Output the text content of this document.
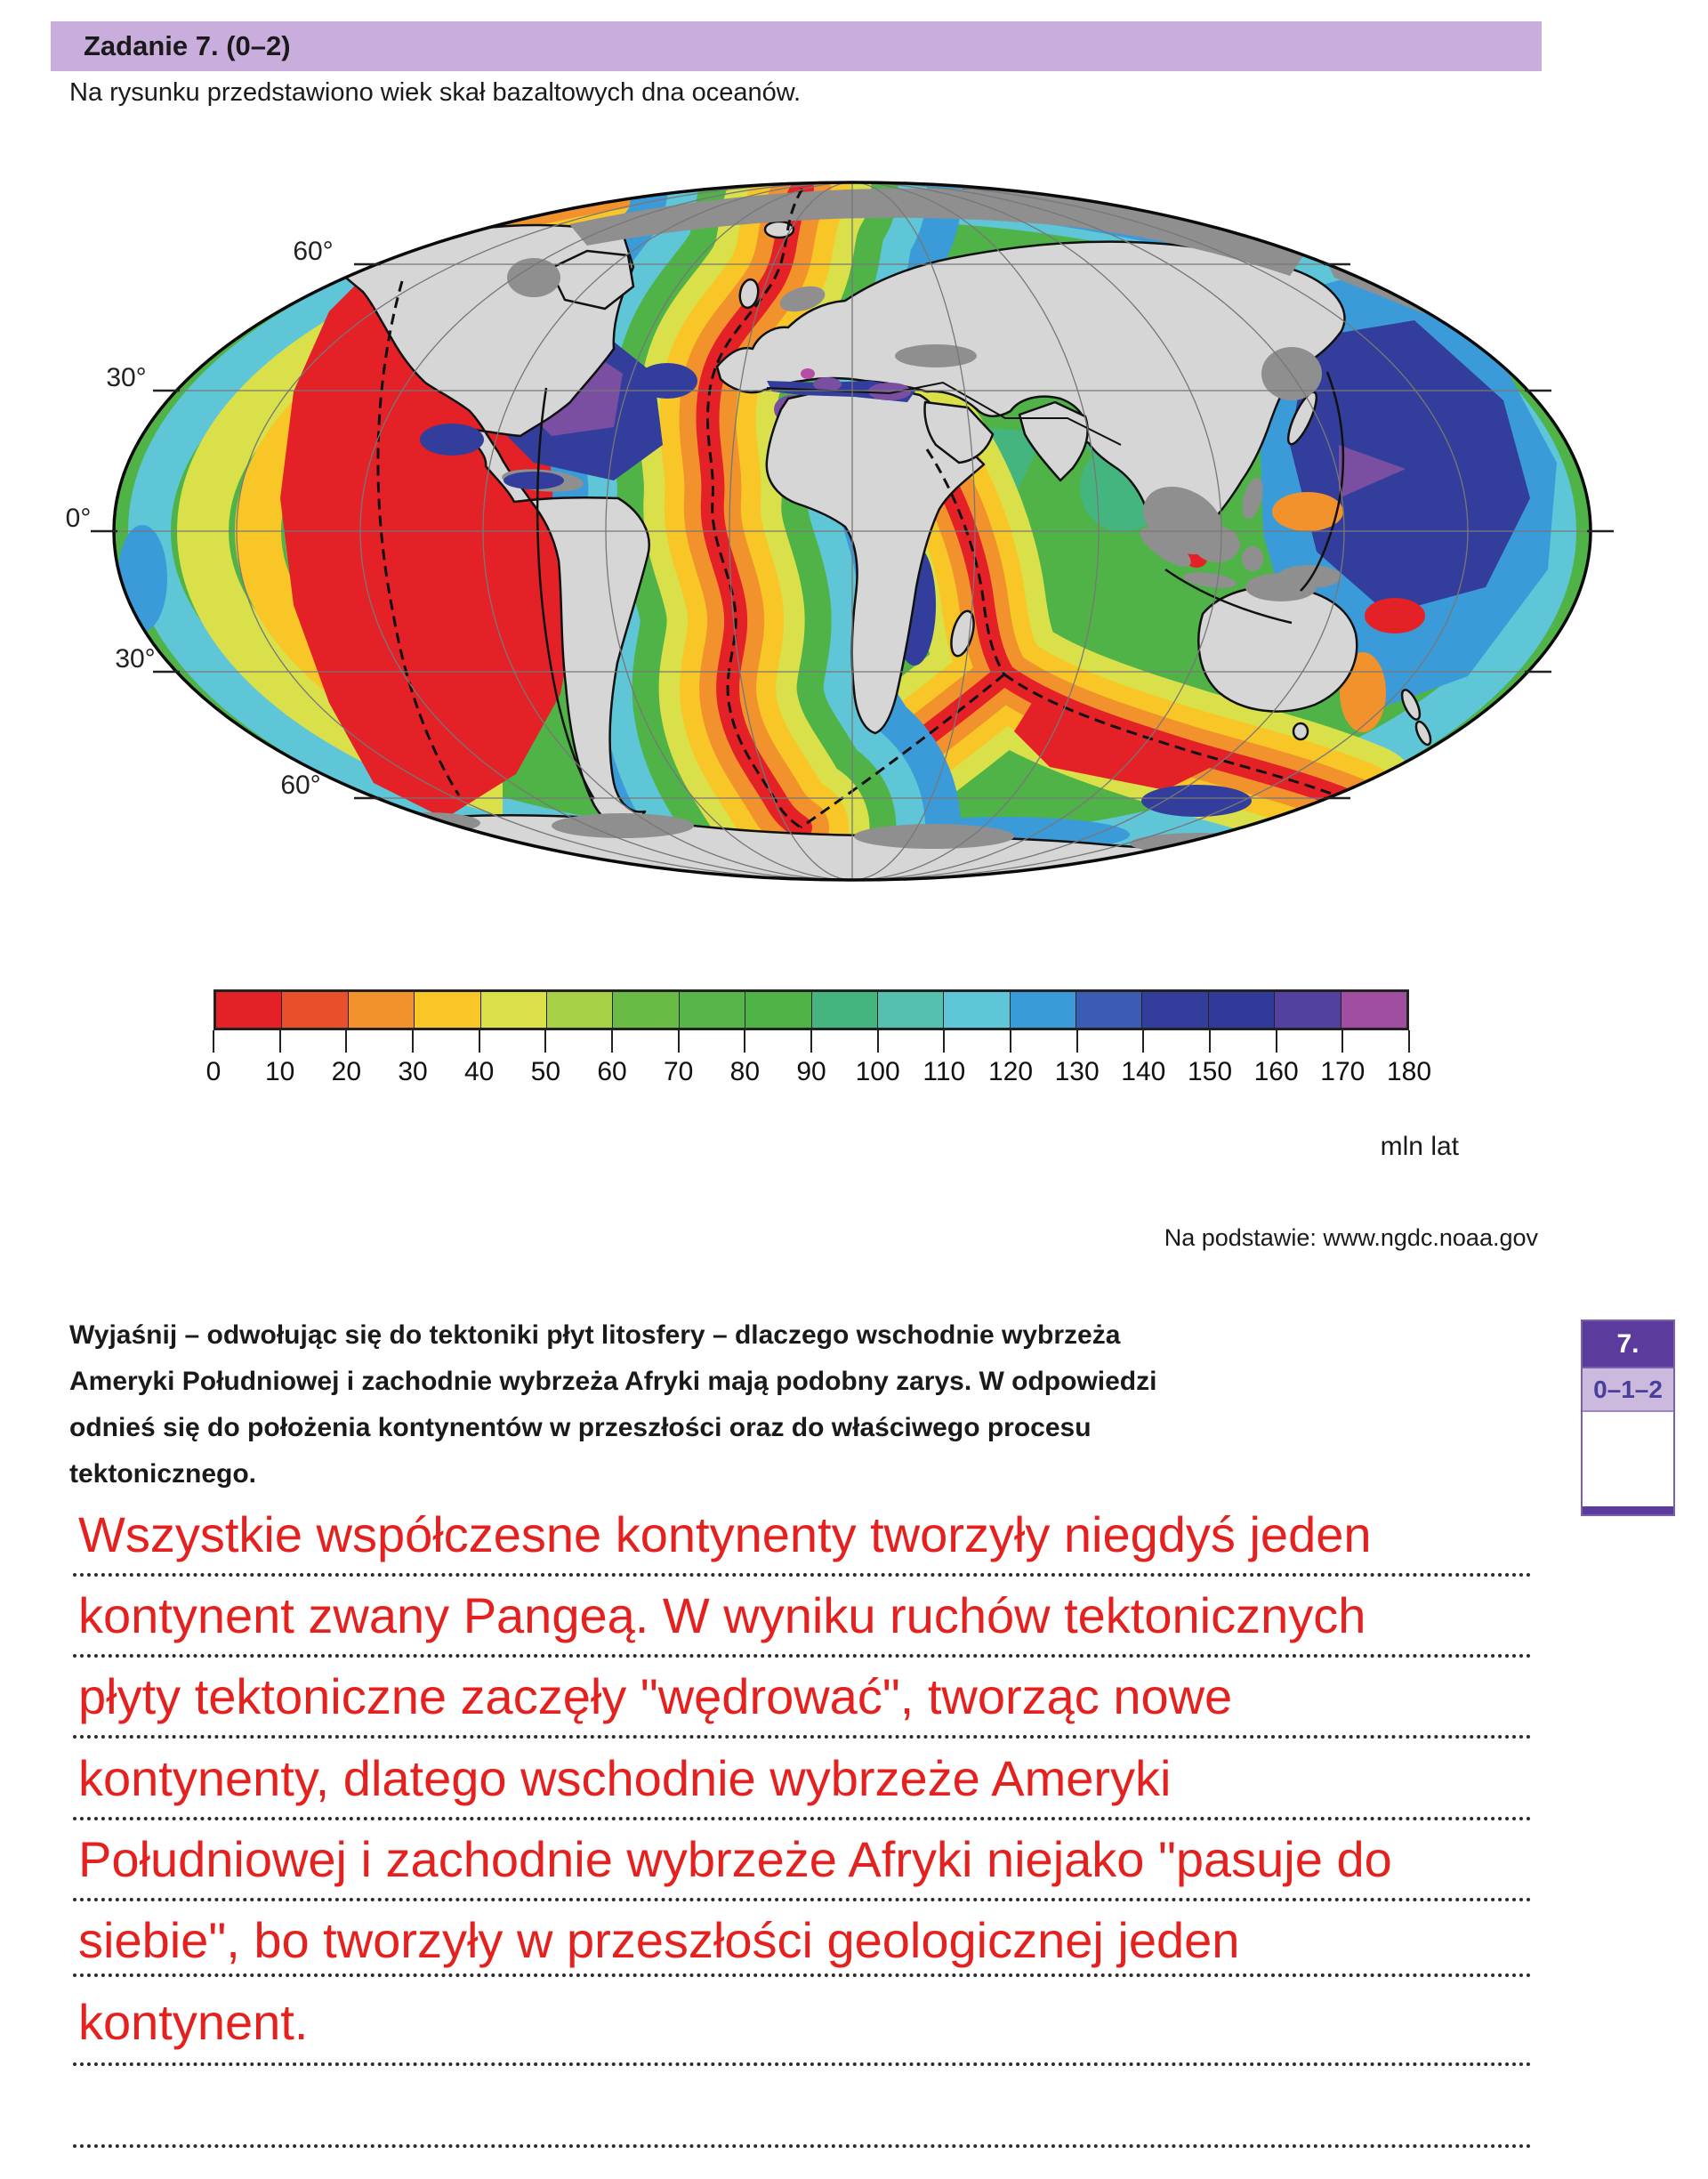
Zadanie 7. (0–2)
Na rysunku przedstawiono wiek skał bazaltowych dna oceanów.
60°
30°
0°
30°
60°
0 10 20 30 40 50 60 70 80 90 100 110 120 130 140 150 160 170 180
mln lat
Na podstawie: www.ngdc.noaa.gov
Wyjaśnij – odwołując się do tektoniki płyt litosfery – dlaczego wschodnie wybrzeża
Ameryki Południowej i zachodnie wybrzeża Afryki mają podobny zarys. W odpowiedzi
odnieś się do położenia kontynentów w przeszłości oraz do właściwego procesu
tektonicznego.
7.
0–1–2
Wszystkie współczesne kontynenty tworzyły niegdyś jeden
kontynent zwany Pangeą. W wyniku ruchów tektonicznych
płyty tektoniczne zaczęły "wędrować", tworząc nowe
kontynenty, dlatego wschodnie wybrzeże Ameryki
Południowej i zachodnie wybrzeże Afryki niejako "pasuje do
siebie", bo tworzyły w przeszłości geologicznej jeden
kontynent.
